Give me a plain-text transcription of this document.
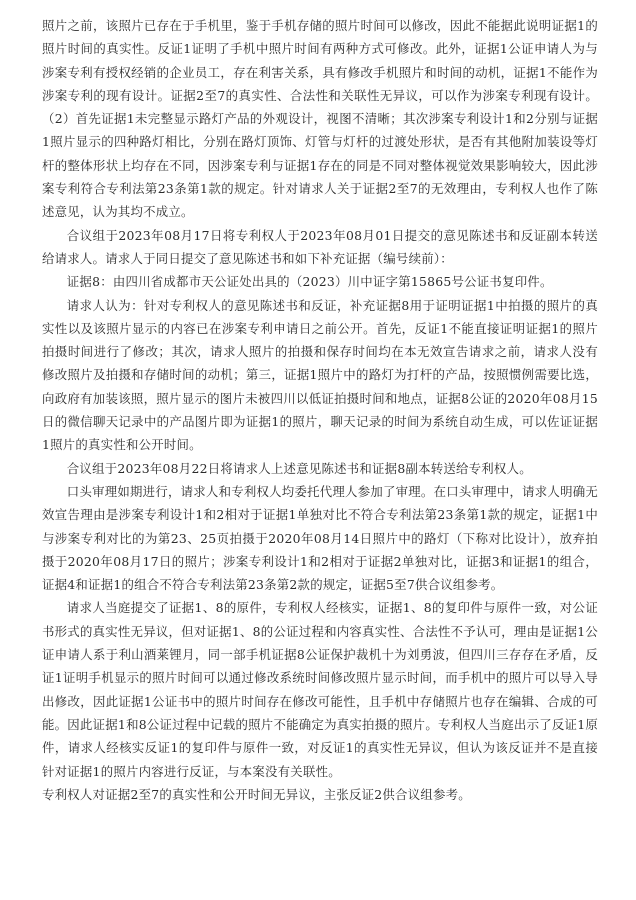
照片之前，该照片已存在于手机里，鉴于手机存储的照片时间可以修改，因此不能据此说明证据1的照片时间的真实性。反证1证明了手机中照片时间有两种方式可修改。此外，证据1公证申请人为与涉案专利有授权经销的企业员工，存在利害关系，具有修改手机照片和时间的动机，证据1不能作为涉案专利的现有设计。证据2至7的真实性、合法性和关联性无异议，可以作为涉案专利现有设计。（2）首先证据1未完整显示路灯产品的外观设计，视图不清晰；其次涉案专利设计1和2分别与证据1照片显示的四种路灯相比，分别在路灯顶饰、灯管与灯杆的过渡处形状，是否有其他附加装设等灯杆的整体形状上均存在不同，因涉案专利与证据1存在的同是不同对整体视觉效果影响较大，因此涉案专利符合专利法第23条第1款的规定。针对请求人关于证据2至7的无效理由，专利权人也作了陈述意见，认为其均不成立。

合议组于2023年08月17日将专利权人于2023年08月01日提交的意见陈述书和反证副本转送给请求人。请求人于同日提交了意见陈述书和如下补充证据（编号续前）：

证据8：由四川省成都市天公证处出具的（2023）川中证字第15865号公证书复印件。

请求人认为：针对专利权人的意见陈述书和反证，补充证据8用于证明证据1中拍摄的照片的真实性以及该照片显示的内容已在涉案专利申请日之前公开。首先，反证1不能直接证明证据1的照片拍摄时间进行了修改；其次，请求人照片的拍摄和保存时间均在本无效宣告请求之前，请求人没有修改照片及拍摄和存储时间的动机；第三，证据1照片中的路灯为打杆的产品，按照惯例需要比选，向政府有加装该照，照片显示的图片未被四川以低证拍摄时间和地点，证据8公证的2020年08月15日的微信聊天记录中的产品图片即为证据1的照片，聊天记录的时间为系统自动生成，可以佐证证据1照片的真实性和公开时间。

合议组于2023年08月22日将请求人上述意见陈述书和证据8副本转送给专利权人。

口头审理如期进行，请求人和专利权人均委托代理人参加了审理。在口头审理中，请求人明确无效宣告理由是涉案专利设计1和2相对于证据1单独对比不符合专利法第23条第1款的规定，证据1中与涉案专利对比的为第23、25页拍摄于2020年08月14日照片中的路灯（下称对比设计），放弃拍摄于2020年08月17日的照片；涉案专利设计1和2相对于证据2单独对比，证据3和证据1的组合，证据4和证据1的组合不符合专利法第23条第2款的规定，证据5至7供合议组参考。

请求人当庭提交了证据1、8的原件，专利权人经核实，证据1、8的复印件与原件一致，对公证书形式的真实性无异议，但对证据1、8的公证过程和内容真实性、合法性不予认可，理由是证据1公证申请人系于利山酒莱锂月，同一部手机证据8公证保护裁机十为刘勇波，但四川三存存在矛盾，反证1证明手机显示的照片时间可以通过修改系统时间修改照片显示时间，而手机中的照片可以导入导出修改，因此证据1公证书中的照片时间存在修改可能性，且手机中存储照片也存在编辑、合成的可能。因此证据1和8公证过程中记载的照片不能确定为真实拍摄的照片。专利权人当庭出示了反证1原件，请求人经核实反证1的复印件与原件一致，对反证1的真实性无异议，但认为该反证并不是直接针对证据1的照片内容进行反证，与本案没有关联性。

专利权人对证据2至7的真实性和公开时间无异议，主张反证2供合议组参考。
